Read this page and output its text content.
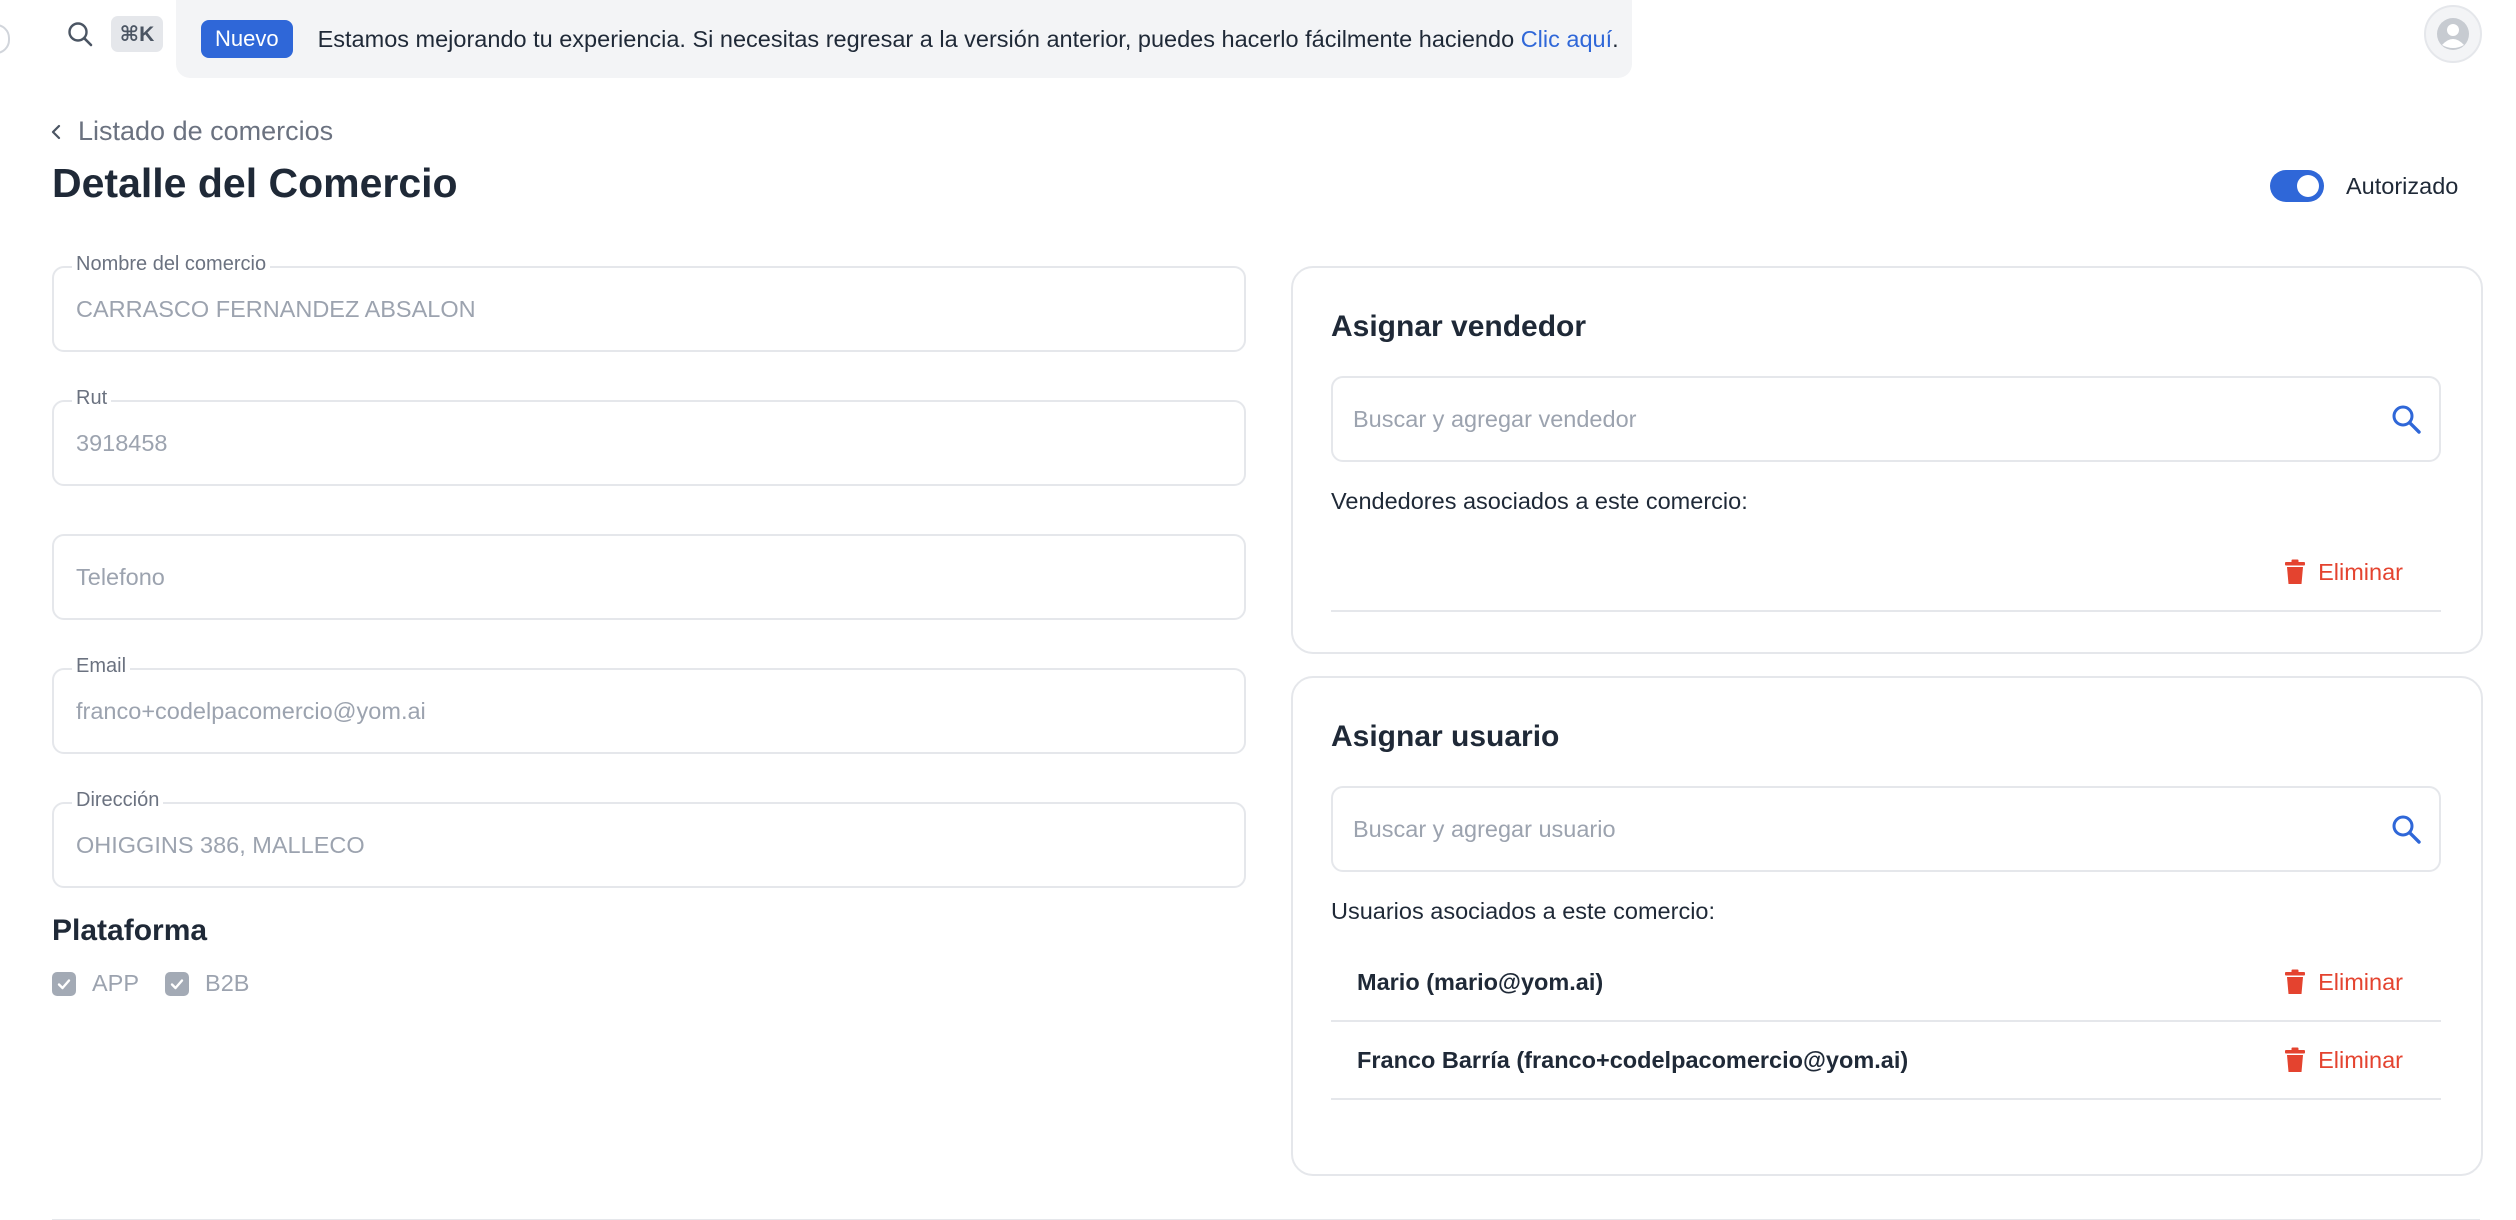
⌘K	Nuevo	Estamos mejorando tu experiencia. Si necesitas regresar a la versión anterior, puedes hacerlo fácilmente haciendo Clic aquí.
Listado de comercios
Detalle del Comercio	Autorizado
Nombre del comercio
CARRASCO FERNANDEZ ABSALON
Rut
3918458
Telefono
Email
franco+codelpacomercio@yom.ai
Dirección
OHIGGINS 386, MALLECO
Plataforma
APP	B2B
Asignar vendedor
Buscar y agregar vendedor
Vendedores asociados a este comercio:
Eliminar
Asignar usuario
Buscar y agregar usuario
Usuarios asociados a este comercio:
Mario (mario@yom.ai)	Eliminar
Franco Barría (franco+codelpacomercio@yom.ai)	Eliminar
